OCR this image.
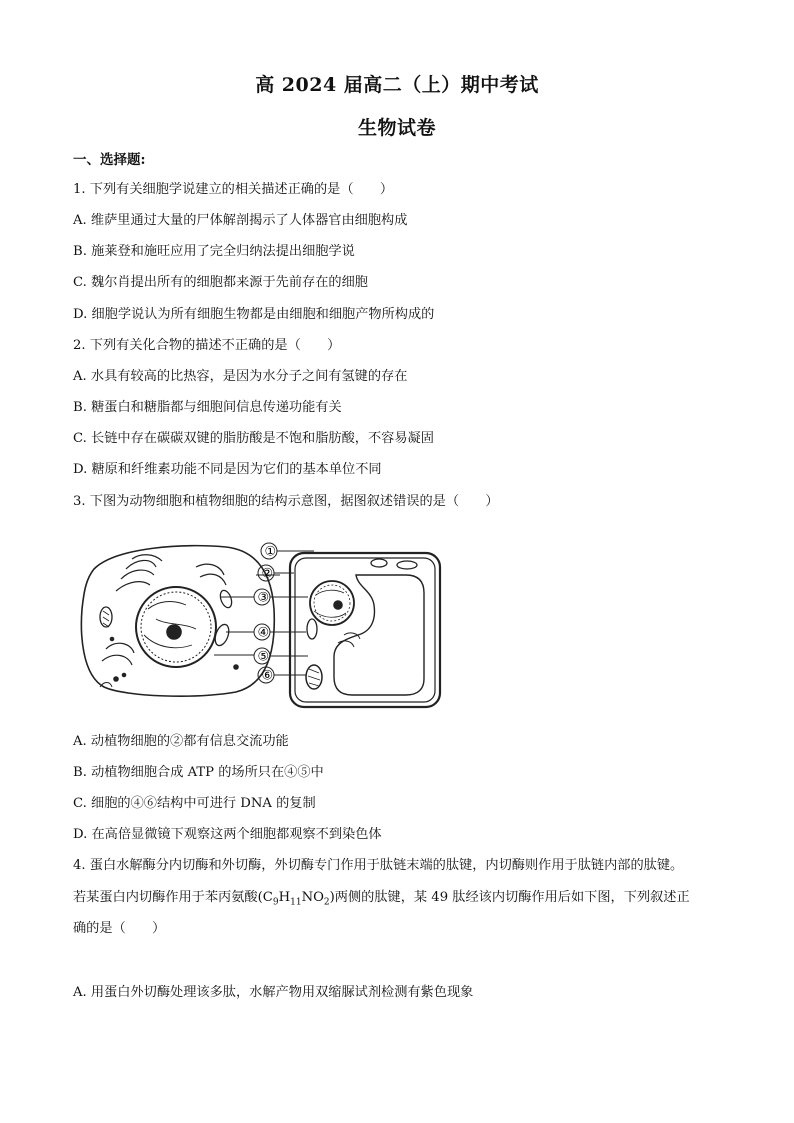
高 2024 届高二（上）期中考试
生物试卷
一、选择题:
1. 下列有关细胞学说建立的相关描述正确的是（　　）
A. 维萨里通过大量的尸体解剖揭示了人体器官由细胞构成
B. 施莱登和施旺应用了完全归纳法提出细胞学说
C. 魏尔肖提出所有的细胞都来源于先前存在的细胞
D. 细胞学说认为所有细胞生物都是由细胞和细胞产物所构成的
2. 下列有关化合物的描述不正确的是（　　）
A. 水具有较高的比热容，是因为水分子之间有氢键的存在
B. 糖蛋白和糖脂都与细胞间信息传递功能有关
C. 长链中存在碳碳双键的脂肪酸是不饱和脂肪酸，不容易凝固
D. 糖原和纤维素功能不同是因为它们的基本单位不同
3. 下图为动物细胞和植物细胞的结构示意图，据图叙述错误的是（　　）
①
②
③
④
⑤
⑥
A. 动植物细胞的②都有信息交流功能
B. 动植物细胞合成 ATP 的场所只在④⑤中
C. 细胞的④⑥结构中可进行 DNA 的复制
D. 在高倍显微镜下观察这两个细胞都观察不到染色体
4. 蛋白水解酶分内切酶和外切酶，外切酶专门作用于肽链末端的肽键，内切酶则作用于肽链内部的肽键。
若某蛋白内切酶作用于苯丙氨酸$(C_9H_{11}NO_2)$两侧的肽键，某 49 肽经该内切酶作用后如下图，下列叙述正
确的是（　　）
A. 用蛋白外切酶处理该多肽，水解产物用双缩脲试剂检测有紫色现象
